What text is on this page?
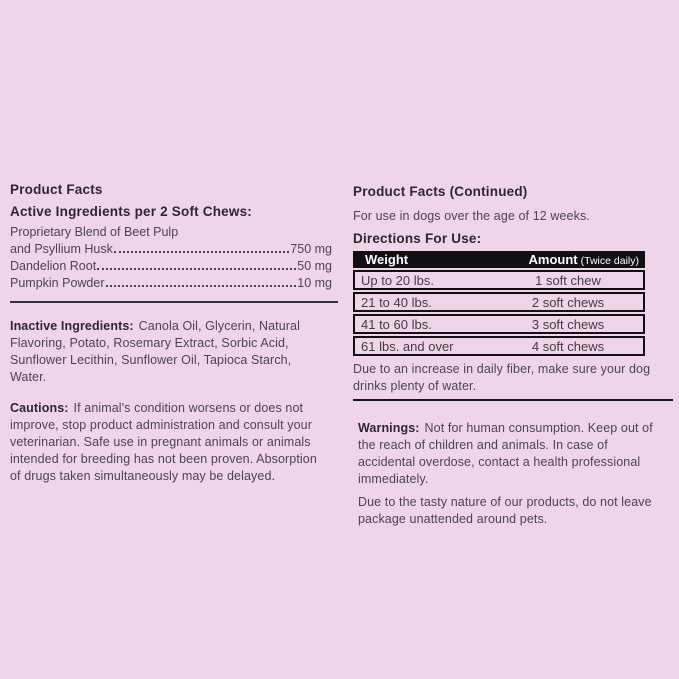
Product Facts
Active Ingredients per 2 Soft Chews:
Proprietary Blend of Beet Pulp
and Psyllium Husk	750 mg
Dandelion Root	50 mg
Pumpkin Powder	10 mg

Inactive Ingredients: Canola Oil, Glycerin, Natural Flavoring, Potato, Rosemary Extract, Sorbic Acid, Sunflower Lecithin, Sunflower Oil, Tapioca Starch, Water.

Cautions: If animal's condition worsens or does not improve, stop product administration and consult your veterinarian. Safe use in pregnant animals or animals intended for breeding has not been proven. Absorption of drugs taken simultaneously may be delayed.

Product Facts (Continued)

For use in dogs over the age of 12 weeks.

Directions For Use:
Weight	Amount (Twice daily)
Up to 20 lbs.	1 soft chew
21 to 40 lbs.	2 soft chews
41 to 60 lbs.	3 soft chews
61 lbs. and over	4 soft chews

Due to an increase in daily fiber, make sure your dog drinks plenty of water.

Warnings: Not for human consumption. Keep out of the reach of children and animals. In case of accidental overdose, contact a health professional immediately.

Due to the tasty nature of our products, do not leave package unattended around pets.
